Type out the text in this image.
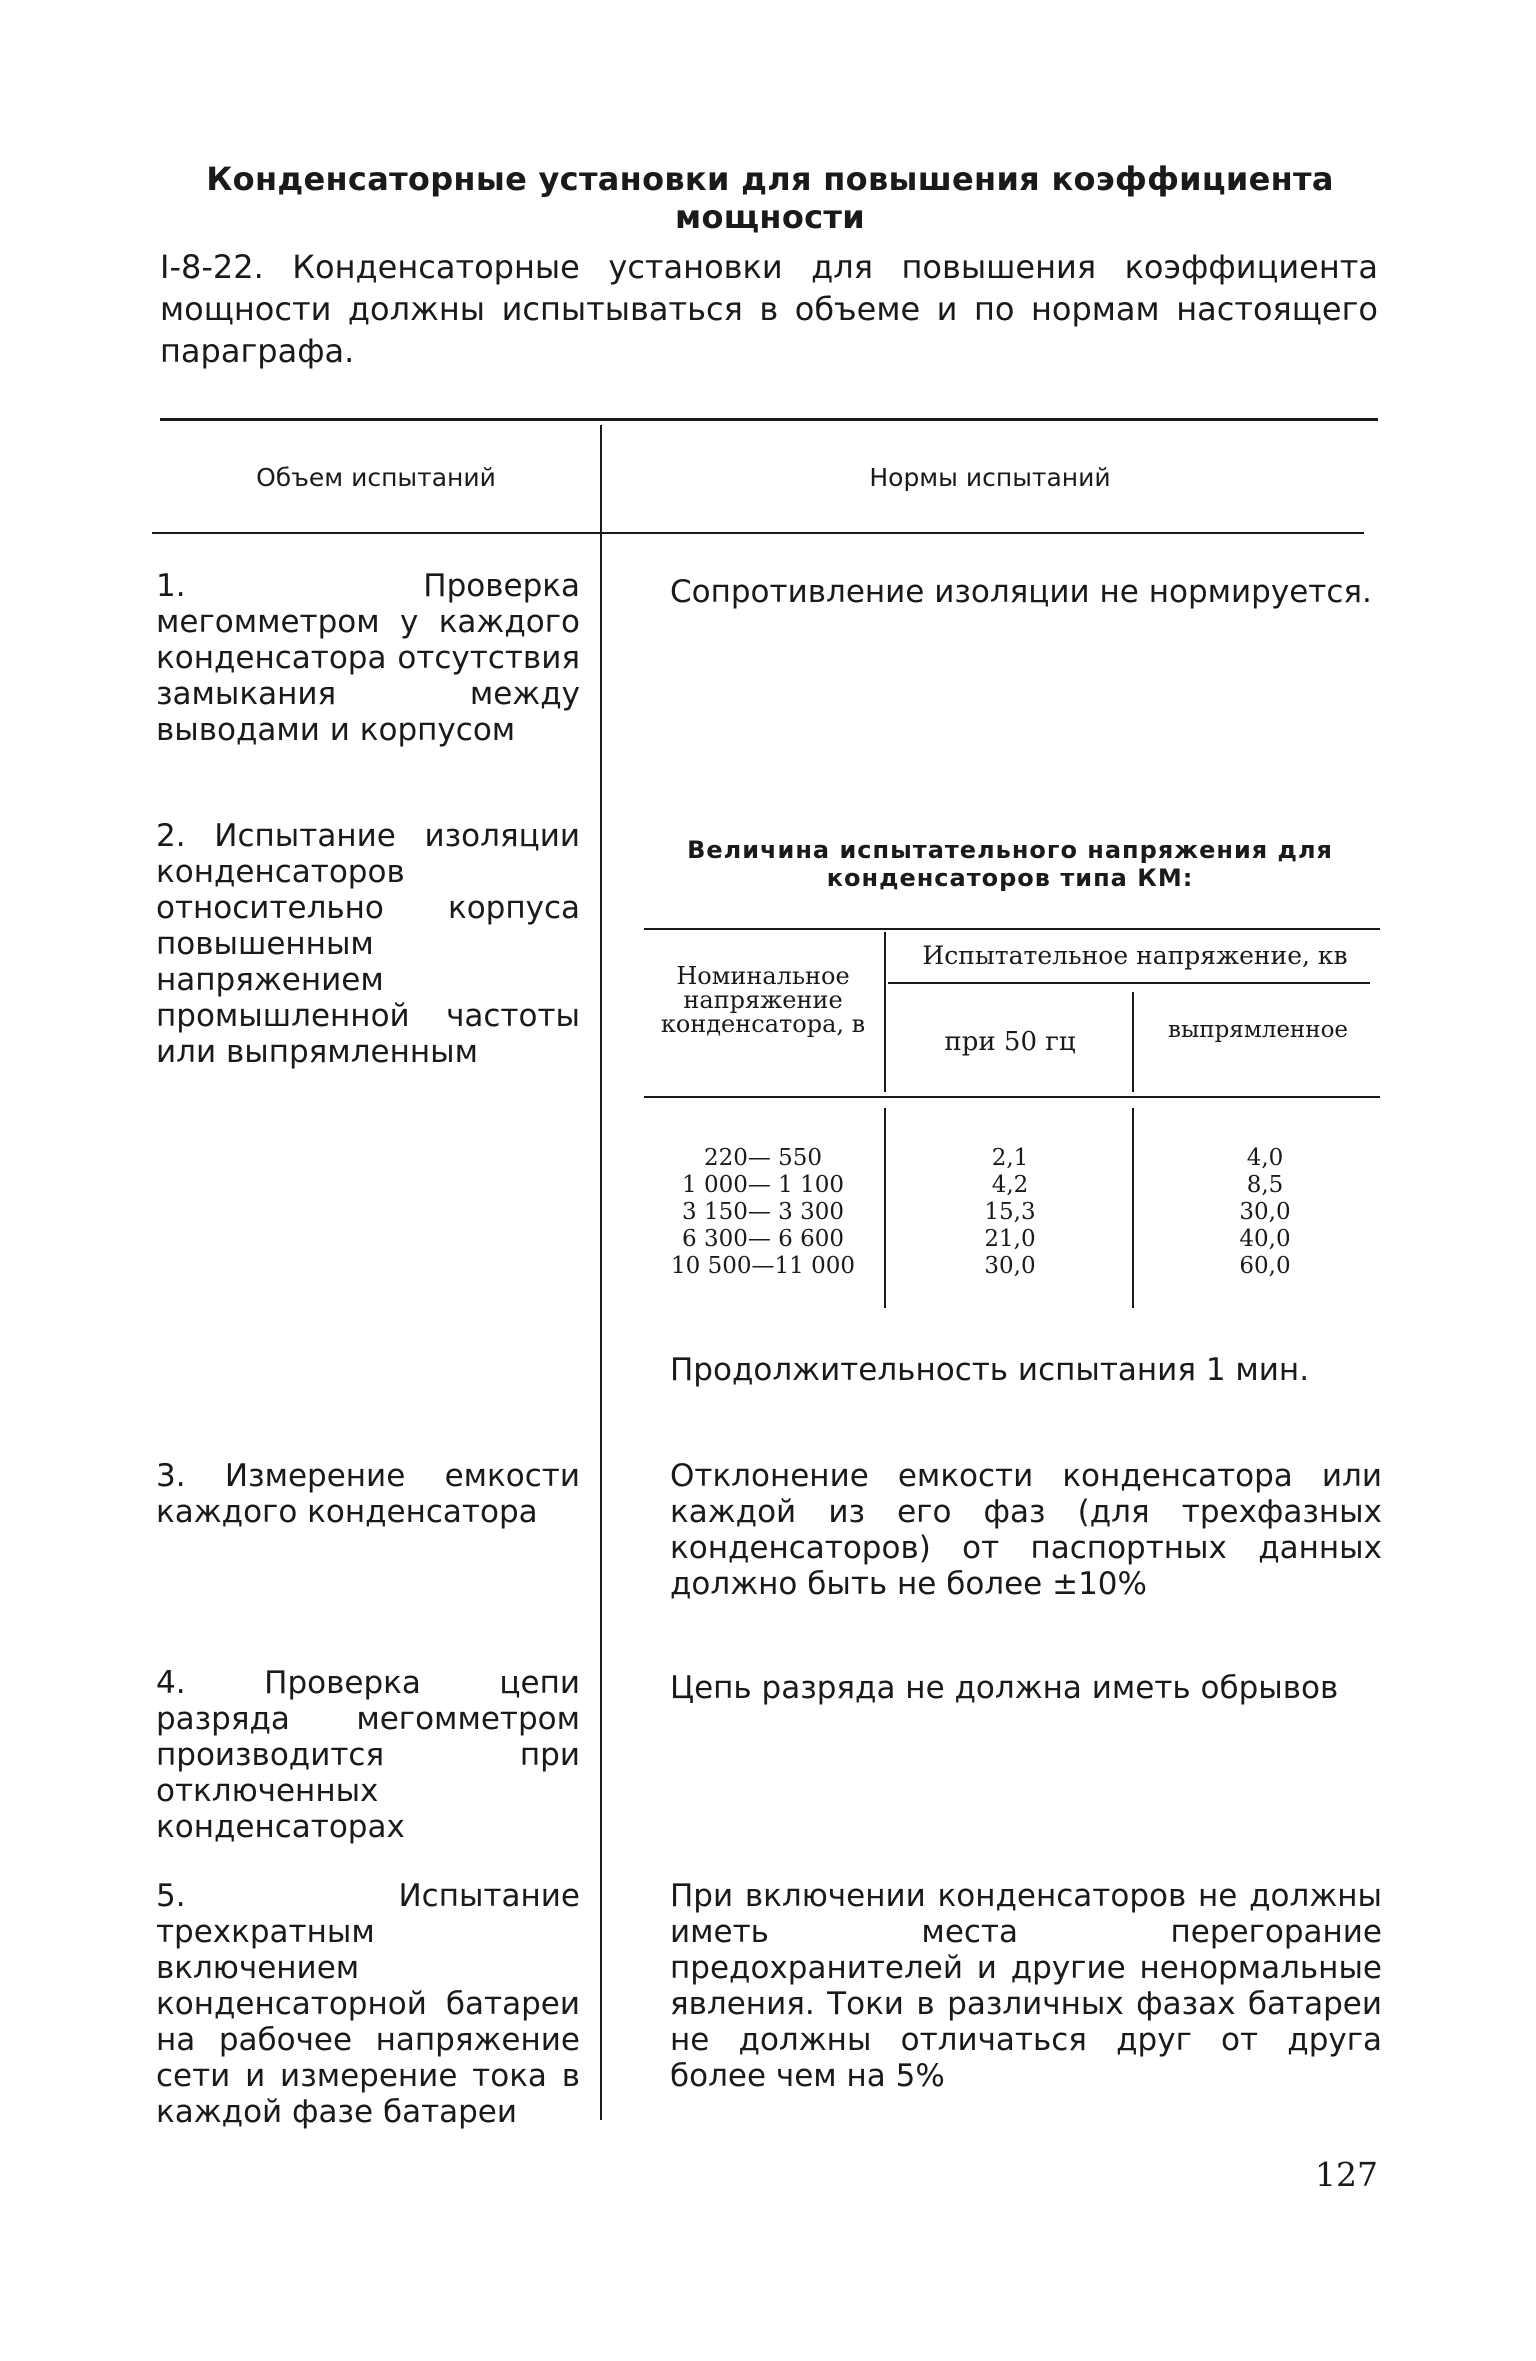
Конденсаторные установки для повышения коэффициента мощности
I-8-22. Конденсаторные установки для повышения коэффициента мощности должны испытываться в объеме и по нормам настоящего параграфа.
Объем испытаний	Нормы испытаний
1. Проверка мегомметром у каждого конденсатора отсутствия замыкания между выводами и корпусом
Сопротивление изоляции не нормируется.
2. Испытание изоляции конденсаторов относительно корпуса повышенным напряжением промышленной частоты или выпрямленным
Величина испытательного напряжения для конденсаторов типа КМ:
Номинальное напряжение конденсатора, в
Испытательное напряжение, кв
при 50 гц	выпрямленное
220— 550
1 000— 1 100
3 150— 3 300
6 300— 6 600
10 500—11 000
2,1
4,2
15,3
21,0
30,0
4,0
8,5
30,0
40,0
60,0
Продолжительность испытания 1 мин.
3. Измерение емкости каждого конденсатора
Отклонение емкости конденсатора или каждой из его фаз (для трехфазных конденсаторов) от паспортных данных должно быть не более ±10%
4. Проверка цепи разряда мегомметром производится при отключенных конденсаторах
Цепь разряда не должна иметь обрывов
5. Испытание трехкратным включением конденсаторной батареи на рабочее напряжение сети и измерение тока в каждой фазе батареи
При включении конденсаторов не должны иметь места перегорание предохранителей и другие ненормальные явления. Токи в различных фазах батареи не должны отличаться друг от друга более чем на 5%
127
